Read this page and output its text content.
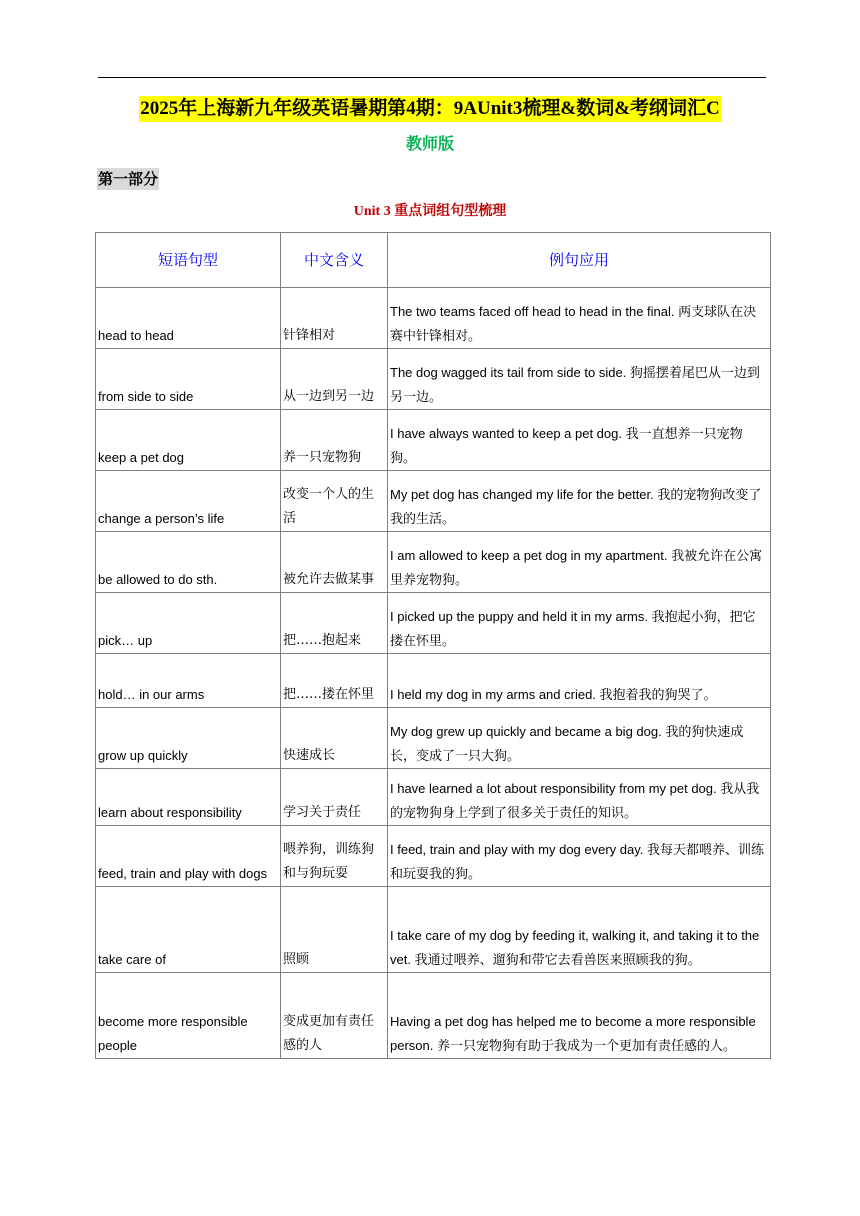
2025年上海新九年级英语暑期第4期：9AUnit3梳理&数词&考纲词汇C
教师版
第一部分
Unit 3 重点词组句型梳理
短语句型	中文含义	例句应用
head to head	针锋相对	The two teams faced off head to head in the final. 两支球队在决赛中针锋相对。
from side to side	从一边到另一边	The dog wagged its tail from side to side. 狗摇摆着尾巴从一边到另一边。
keep a pet dog	养一只宠物狗	I have always wanted to keep a pet dog. 我一直想养一只宠物狗。
change a person’s life	改变一个人的生活	My pet dog has changed my life for the better. 我的宠物狗改变了我的生活。
be allowed to do sth.	被允许去做某事	I am allowed to keep a pet dog in my apartment. 我被允许在公寓里养宠物狗。
pick… up	把……抱起来	I picked up the puppy and held it in my arms. 我抱起小狗，把它搂在怀里。
hold… in our arms	把……搂在怀里	I held my dog in my arms and cried. 我抱着我的狗哭了。
grow up quickly	快速成长	My dog grew up quickly and became a big dog. 我的狗快速成长，变成了一只大狗。
learn about responsibility	学习关于责任	I have learned a lot about responsibility from my pet dog. 我从我的宠物狗身上学到了很多关于责任的知识。
feed, train and play with dogs	喂养狗，训练狗和与狗玩耍	I feed, train and play with my dog every day. 我每天都喂养、训练和玩耍我的狗。
take care of	照顾	I take care of my dog by feeding it, walking it, and taking it to the vet. 我通过喂养、遛狗和带它去看兽医来照顾我的狗。
become more responsible people	变成更加有责任感的人	Having a pet dog has helped me to become a more responsible person. 养一只宠物狗有助于我成为一个更加有责任感的人。
